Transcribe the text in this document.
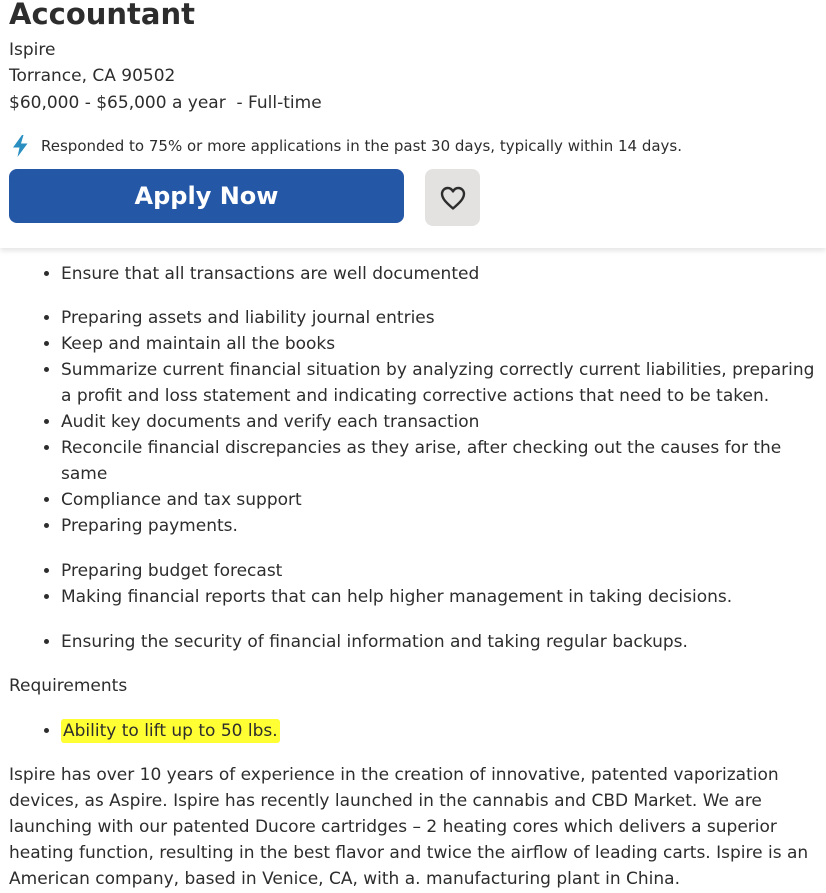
Accountant
Ispire
Torrance, CA 90502
$60,000 - $65,000 a year  - Full-time
Responded to 75% or more applications in the past 30 days, typically within 14 days.
Apply Now
• Ensure that all transactions are well documented
• Preparing assets and liability journal entries
• Keep and maintain all the books
• Summarize current financial situation by analyzing correctly current liabilities, preparing a profit and loss statement and indicating corrective actions that need to be taken.
• Audit key documents and verify each transaction
• Reconcile financial discrepancies as they arise, after checking out the causes for the same
• Compliance and tax support
• Preparing payments.
• Preparing budget forecast
• Making financial reports that can help higher management in taking decisions.
• Ensuring the security of financial information and taking regular backups.
Requirements
• Ability to lift up to 50 lbs.

Ispire has over 10 years of experience in the creation of innovative, patented vaporization devices, as Aspire. Ispire has recently launched in the cannabis and CBD Market. We are launching with our patented Ducore cartridges – 2 heating cores which delivers a superior heating function, resulting in the best flavor and twice the airflow of leading carts. Ispire is an American company, based in Venice, CA, with a. manufacturing plant in China.
